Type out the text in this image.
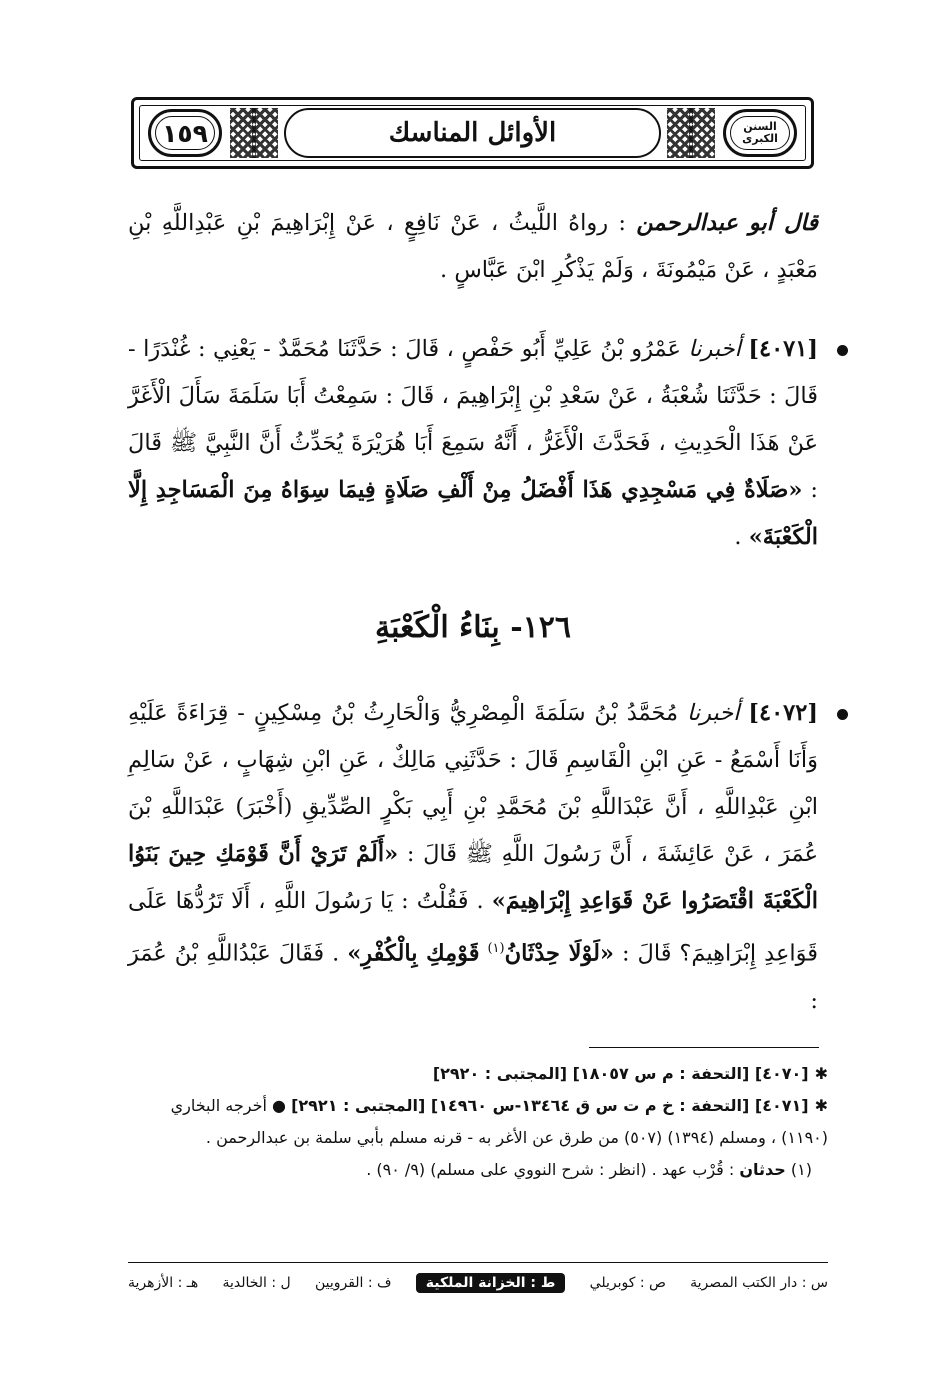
١٥٩	الأوائل المناسك	السنن الكبرى

قال أبو عبدالرحمن : رواهُ اللَّيثُ ، عَنْ نَافِعٍ ، عَنْ إِبْرَاهِيمَ بْنِ عَبْدِاللَّهِ بْنِ مَعْبَدٍ ، عَنْ مَيْمُونَةَ ، وَلَمْ يَذْكُرِ ابْنَ عَبَّاسٍ .

[٤٠٧١] أخبرنا عَمْرُو بْنُ عَلِيِّ أَبُو حَفْصٍ ، قَالَ : حَدَّثَنَا مُحَمَّدٌ - يَعْنِي : غُنْدَرًا - قَالَ : حَدَّثَنَا شُعْبَةُ ، عَنْ سَعْدِ بْنِ إِبْرَاهِيمَ ، قَالَ : سَمِعْتُ أَبَا سَلَمَةَ سَأَلَ الْأَغَرَّ عَنْ هَذَا الْحَدِيثِ ، فَحَدَّثَ الْأَغَرُّ ، أَنَّهُ سَمِعَ أَبَا هُرَيْرَةَ يُحَدِّثُ أَنَّ النَّبِيَّ ﷺ قَالَ : «صَلَاةٌ فِي مَسْجِدِي هَذَا أَفْضَلُ مِنْ أَلْفِ صَلَاةٍ فِيمَا سِوَاهُ مِنَ الْمَسَاجِدِ إِلَّا الْكَعْبَةَ» .

١٢٦- بِنَاءُ الْكَعْبَةِ

[٤٠٧٢] أخبرنا مُحَمَّدُ بْنُ سَلَمَةَ الْمِصْرِيُّ وَالْحَارِثُ بْنُ مِسْكِينٍ - قِرَاءَةً عَلَيْهِ وَأَنَا أَسْمَعُ - عَنِ ابْنِ الْقَاسِمِ قَالَ : حَدَّثَنِي مَالِكٌ ، عَنِ ابْنِ شِهَابٍ ، عَنْ سَالِمِ ابْنِ عَبْدِاللَّهِ ، أَنَّ عَبْدَاللَّهِ بْنَ مُحَمَّدِ بْنِ أَبِي بَكْرٍ الصِّدِّيقِ (أَخْبَرَ) عَبْدَاللَّهِ بْنَ عُمَرَ ، عَنْ عَائِشَةَ ، أَنَّ رَسُولَ اللَّهِ ﷺ قَالَ : «أَلَمْ تَرَيْ أَنَّ قَوْمَكِ حِينَ بَنَوُا الْكَعْبَةَ اقْتَصَرُوا عَنْ قَوَاعِدِ إِبْرَاهِيمَ» . فَقُلْتُ : يَا رَسُولَ اللَّهِ ، أَلَا تَرُدُّهَا عَلَى قَوَاعِدِ إِبْرَاهِيمَ؟ قَالَ : «لَوْلَا حِدْثَانُ$^{(١)}$ قَوْمِكِ بِالْكُفْرِ» . فَقَالَ عَبْدُاللَّهِ بْنُ عُمَرَ :

✱[٤٠٧٠] [التحفة : م س ١٨٠٥٧] [المجتبى : ٢٩٢٠]

✱[٤٠٧١] [التحفة : خ م ت س ق ١٣٤٦٤-س ١٤٩٦٠] [المجتبى : ٢٩٢١] ● أخرجه البخاري (١١٩٠) ، ومسلم (١٣٩٤) (٥٠٧) من طرق عن الأغر به - قرنه مسلم بأبي سلمة بن عبدالرحمن .

(١) حدثان : قُرْب عهد . (انظر : شرح النووي على مسلم) (٩/ ٩٠) .

س : دار الكتب المصرية
ص : كوبريلي
ط : الخزانة الملكية
ف : القرويين
ل : الخالدية
هـ : الأزهرية
